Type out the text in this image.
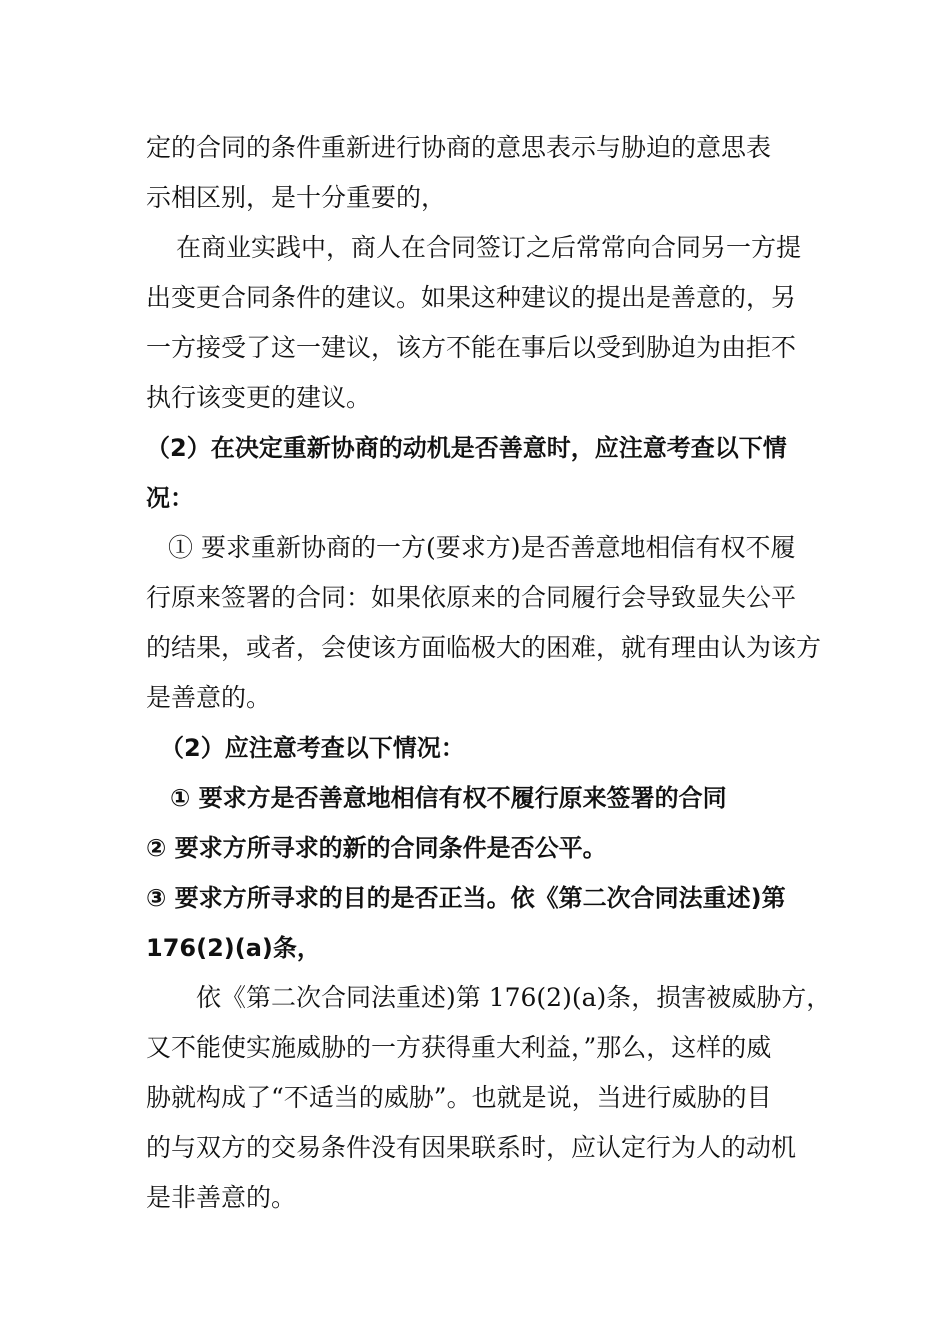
定的合同的条件重新进行协商的意思表示与胁迫的意思表
示相区别，是十分重要的，
在商业实践中，商人在合同签订之后常常向合同另一方提
出变更合同条件的建议。如果这种建议的提出是善意的，另
一方接受了这一建议，该方不能在事后以受到胁迫为由拒不
执行该变更的建议。
（2）在决定重新协商的动机是否善意时，应注意考查以下情
况：
① 要求重新协商的一方(要求方)是否善意地相信有权不履
行原来签署的合同：如果依原来的合同履行会导致显失公平
的结果，或者，会使该方面临极大的困难，就有理由认为该方
是善意的。
（2）应注意考查以下情况：
① 要求方是否善意地相信有权不履行原来签署的合同
② 要求方所寻求的新的合同条件是否公平。
③ 要求方所寻求的目的是否正当。依《第二次合同法重述)第
176(2)(a)条，
依《第二次合同法重述)第 176(2)(a)条，损害被威胁方，
又不能使实施威胁的一方获得重大利益，”那么，这样的威
胁就构成了“不适当的威胁”。也就是说，当进行威胁的目
的与双方的交易条件没有因果联系时，应认定行为人的动机
是非善意的。
